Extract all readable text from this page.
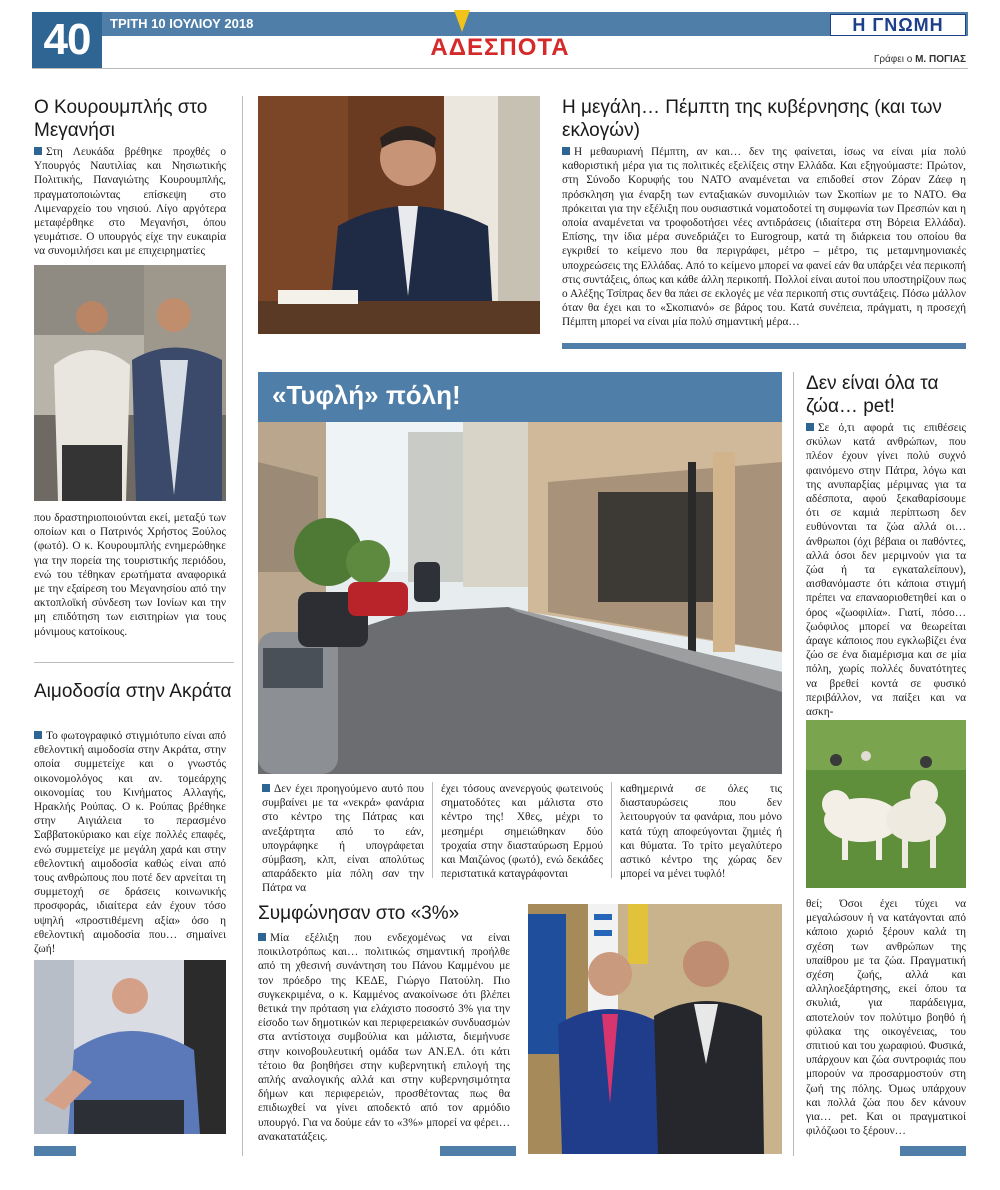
40	ΤΡΙΤΗ 10 ΙΟΥΛΙΟΥ 2018	Η ΓΝΩΜΗ
ΑΔΕΣΠΟΤΑ	Γράφει ο Μ. ΠΟΓΙΑΣ
Ο Κουρουμπλής στο Μεγανήσι
Στη Λευκάδα βρέθηκε προχθές ο Υπουργός Ναυτιλίας και Νησιωτικής Πολιτικής, Παναγιώτης Κουρουμπλής, πραγματοποιώντας επίσκεψη στο Λιμεναρχείο του νησιού. Λίγο αργότερα μεταφέρθηκε στο Μεγανήσι, όπου γευμάτισε. Ο υπουργός είχε την ευκαιρία να συνομιλήσει και με επιχειρηματίες
που δραστηριοποιούνται εκεί, μεταξύ των οποίων και ο Πατρινός Χρήστος Ξούλος (φωτό). Ο κ. Κουρουμπλής ενημερώθηκε για την πορεία της τουριστικής περιόδου, ενώ του τέθηκαν ερωτήματα αναφορικά με την εξαίρεση του Μεγανησίου από την ακτοπλοϊκή σύνδεση των Ιονίων και την μη επιδότηση των εισιτηρίων για τους μόνιμους κατοίκους.
Αιμοδοσία στην Ακράτα
Το φωτογραφικό στιγμιότυπο είναι από εθελοντική αιμοδοσία στην Ακράτα, στην οποία συμμετείχε και ο γνωστός οικονομολόγος και αν. τομεάρχης οικονομίας του Κινήματος Αλλαγής, Ηρακλής Ρούπας. Ο κ. Ρούπας βρέθηκε στην Αιγιάλεια το περασμένο Σαββατοκύριακο και είχε πολλές επαφές, ενώ συμμετείχε με μεγάλη χαρά και στην εθελοντική αιμοδοσία καθώς είναι από τους ανθρώπους που ποτέ δεν αρνείται τη συμμετοχή σε δράσεις κοινωνικής προσφοράς, ιδιαίτερα εάν έχουν τόσο υψηλή «προστιθέμενη αξία» όσο η εθελοντική αιμοδοσία που… σημαίνει ζωή!
Η μεγάλη… Πέμπτη της κυβέρνησης (και των εκλογών)
Η μεθαυριανή Πέμπτη, αν και… δεν της φαίνεται, ίσως να είναι μία πολύ καθοριστική μέρα για τις πολιτικές εξελίξεις στην Ελλάδα. Και εξηγούμαστε: Πρώτον, στη Σύνοδο Κορυφής του ΝΑΤΟ αναμένεται να επιδοθεί στον Ζόραν Ζάεφ η πρόσκληση για έναρξη των ενταξιακών συνομιλιών των Σκοπίων με το ΝΑΤΟ. Θα πρόκειται για την εξέλιξη που ουσιαστικά νοματοδοτεί τη συμφωνία των Πρεσπών και η οποία αναμένεται να τροφοδοτήσει νέες αντιδράσεις (ιδιαίτερα στη Βόρεια Ελλάδα). Επίσης, την ίδια μέρα συνεδριάζει το Eurogroup, κατά τη διάρκεια του οποίου θα εγκριθεί το κείμενο που θα περιγράφει, μέτρο – μέτρο, τις μεταμνημονιακές υποχρεώσεις της Ελλάδας. Από το κείμενο μπορεί να φανεί εάν θα υπάρξει νέα περικοπή στις συντάξεις, όπως και κάθε άλλη περικοπή. Πολλοί είναι αυτοί που υποστηρίζουν πως ο Αλέξης Τσίπρας δεν θα πάει σε εκλογές με νέα περικοπή στις συντάξεις. Πόσω μάλλον όταν θα έχει και το «Σκοπιανό» σε βάρος του. Κατά συνέπεια, πράγματι, η προσεχή Πέμπτη μπορεί να είναι μία πολύ σημαντική μέρα…
«Τυφλή» πόλη!
Δεν έχει προηγούμενο αυτό που συμβαίνει με τα «νεκρά» φανάρια στο κέντρο της Πάτρας και ανεξάρτητα από το εάν, υπογράφηκε ή υπογράφεται σύμβαση, κλπ, είναι απολύτως απαράδεκτο μία πόλη σαν την Πάτρα να
έχει τόσους ανενεργούς φωτεινούς σηματοδότες και μάλιστα στο κέντρο της! Χθες, μέχρι το μεσημέρι σημειώθηκαν δύο τροχαία στην διασταύρωση Ερμού και Μαιζώνος (φωτό), ενώ δεκάδες περιστατικά καταγράφονται
καθημερινά σε όλες τις διασταυρώσεις που δεν λειτουργούν τα φανάρια, που μόνο κατά τύχη αποφεύγονται ζημιές ή και θύματα. Το τρίτο μεγαλύτερο αστικό κέντρο της χώρας δεν μπορεί να μένει τυφλό!
Συμφώνησαν στο «3%»
Μία εξέλιξη που ενδεχομένως να είναι ποικιλοτρόπως και… πολιτικώς σημαντική προήλθε από τη χθεσινή συνάντηση του Πάνου Καμμένου με τον πρόεδρο της ΚΕΔΕ, Γιώργο Πατούλη. Πιο συγκεκριμένα, ο κ. Καμμένος ανακοίνωσε ότι βλέπει θετικά την πρόταση για ελάχιστο ποσοστό 3% για την είσοδο των δημοτικών και περιφερειακών συνδυασμών στα αντίστοιχα συμβούλια και μάλιστα, διεμήνυσε στην κοινοβουλευτική ομάδα των ΑΝ.ΕΛ. ότι κάτι τέτοιο θα βοηθήσει στην κυβερνητική επιλογή της απλής αναλογικής αλλά και στην κυβερνησιμότητα δήμων και περιφερειών, προσθέτοντας πως θα επιδιωχθεί να γίνει αποδεκτό από τον αρμόδιο υπουργό. Για να δούμε εάν το «3%» μπορεί να φέρει… ανακατατάξεις.
Δεν είναι όλα τα ζώα… pet!
Σε ό,τι αφορά τις επιθέσεις σκύλων κατά ανθρώπων, που πλέον έχουν γίνει πολύ συχνό φαινόμενο στην Πάτρα, λόγω και της ανυπαρξίας μέριμνας για τα αδέσποτα, αφού ξεκαθαρίσουμε ότι σε καμιά περίπτωση δεν ευθύνονται τα ζώα αλλά οι… άνθρωποι (όχι βέβαια οι παθόντες, αλλά όσοι δεν μεριμνούν για τα ζώα ή τα εγκαταλείπουν), αισθανόμαστε ότι κάποια στιγμή πρέπει να επαναοριοθετηθεί και ο όρος «ζωοφιλία». Γιατί, πόσο… ζωόφιλος μπορεί να θεωρείται άραγε κάποιος που εγκλωβίζει ένα ζώο σε ένα διαμέρισμα και σε μία πόλη, χωρίς πολλές δυνατότητες να βρεθεί κοντά σε φυσικό περιβάλλον, να παίξει και να ασκη-
θεί; Όσοι έχει τύχει να μεγαλώσουν ή να κατάγονται από κάποιο χωριό ξέρουν καλά τη σχέση των ανθρώπων της υπαίθρου με τα ζώα. Πραγματική σχέση ζωής, αλλά και αλληλοεξάρτησης, εκεί όπου τα σκυλιά, για παράδειγμα, αποτελούν τον πολύτιμο βοηθό ή φύλακα της οικογένειας, του σπιτιού και του χωραφιού. Φυσικά, υπάρχουν και ζώα συντροφιάς που μπορούν να προσαρμοστούν στη ζωή της πόλης. Όμως υπάρχουν και πολλά ζώα που δεν κάνουν για… pet. Και οι πραγματικοί φιλόζωοι το ξέρουν…
